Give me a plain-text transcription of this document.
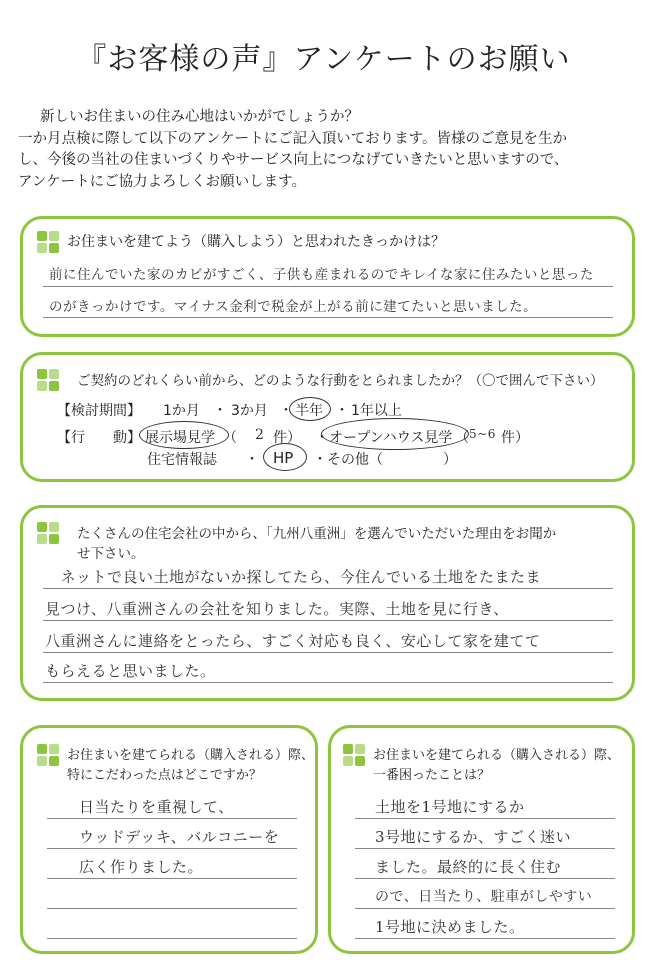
『お客様の声』アンケートのお願い
新しいお住まいの住み心地はいかがでしょうか？
一か月点検に際して以下のアンケートにご記入頂いております。皆様のご意見を生か
し、今後の当社の住まいづくりやサービス向上につなげていきたいと思いますので、
アンケートにご協力よろしくお願いします。
お住まいを建てよう（購入しよう）と思われたきっかけは？
前に住んでいた家のカビがすごく、子供も産まれるのでキレイな家に住みたいと思った
のがきっかけです。マイナス金利で税金が上がる前に建てたいと思いました。
ご契約のどれくらい前から、どのような行動をとられましたか？（〇で囲んで下さい）
【検討期間】 1か月 ・ 3か月 ・ 半年 ・ 1年以上
【行　　動】 展示場見学 （ 2 件） ・ オープンハウス見学 （ 5~6 件）
住宅情報誌 ・ HP ・ その他（	）
たくさんの住宅会社の中から、「九州八重洲」を選んでいただいた理由をお聞か
せ下さい。
　ネットで良い土地がないか探してたら、今住んでいる土地をたまたま
見つけ、八重洲さんの会社を知りました。実際、土地を見に行き、
八重洲さんに連絡をとったら、すごく対応も良く、安心して家を建てて
もらえると思いました。
お住まいを建てられる（購入される）際、
特にこだわった点はどこですか？
日当たりを重視して、
ウッドデッキ、バルコニーを
広く作りました。
お住まいを建てられる（購入される）際、
一番困ったことは？
土地を1号地にするか
3号地にするか、すごく迷い
ました。最終的に長く住む
ので、日当たり、駐車がしやすい
1号地に決めました。
